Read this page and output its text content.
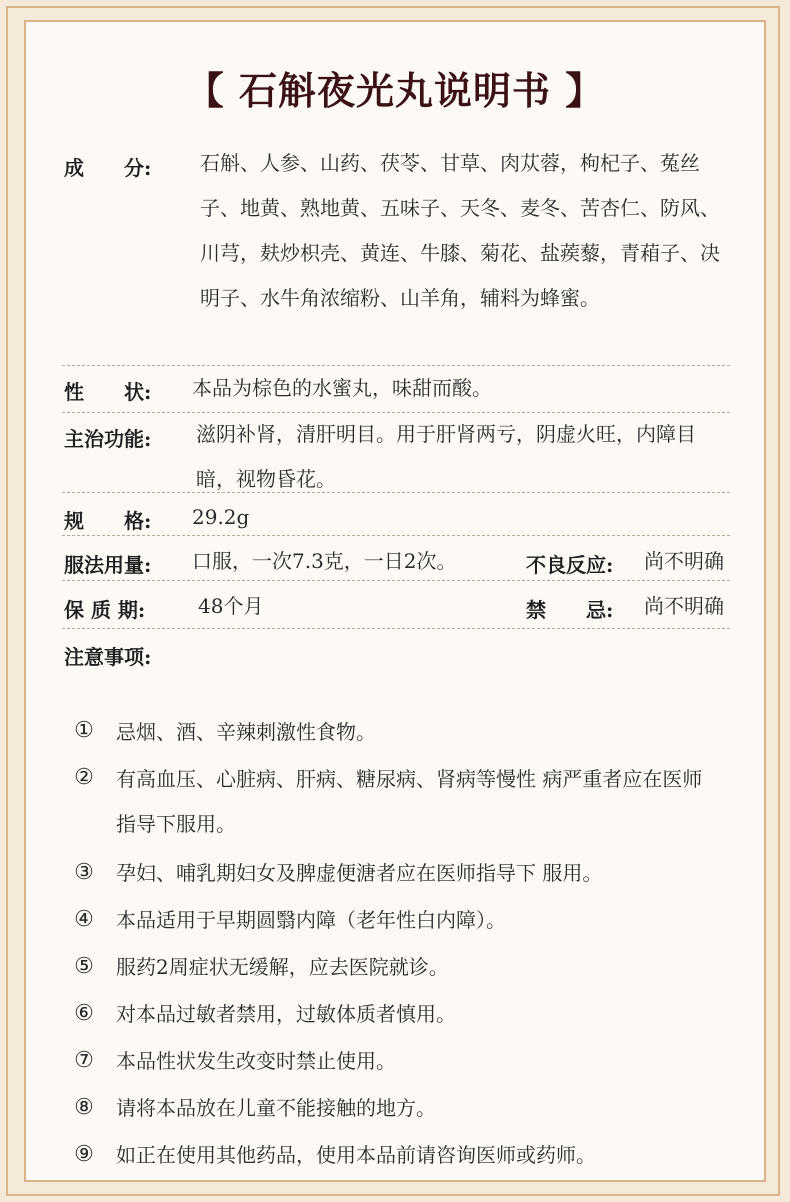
【 石斛夜光丸说明书 】
成　　分: 石斛、人参、山药、茯苓、甘草、肉苁蓉，枸杞子、菟丝子、地黄、熟地黄、五味子、天冬、麦冬、苦杏仁、防风、川芎，麸炒枳壳、黄连、牛膝、菊花、盐蒺藜，青葙子、决明子、水牛角浓缩粉、山羊角，辅料为蜂蜜。
性　　状: 本品为棕色的水蜜丸，味甜而酸。
主治功能: 滋阴补肾，清肝明目。用于肝肾两亏，阴虚火旺，内障目暗，视物昏花。
规　　格: 29.2g
服法用量: 口服，一次7.3克，一日2次。	不良反应: 尚不明确
保 质 期:	48个月	禁　　忌: 尚不明确
注意事项:
① 忌烟、酒、辛辣刺激性食物。
② 有高血压、心脏病、肝病、糖尿病、肾病等慢性 病严重者应在医师指导下服用。
③ 孕妇、哺乳期妇女及脾虚便溏者应在医师指导下 服用。
④ 本品适用于早期圆翳内障（老年性白内障）。
⑤ 服药2周症状无缓解，应去医院就诊。
⑥ 对本品过敏者禁用，过敏体质者慎用。
⑦ 本品性状发生改变时禁止使用。
⑧ 请将本品放在儿童不能接触的地方。
⑨ 如正在使用其他药品，使用本品前请咨询医师或药师。
